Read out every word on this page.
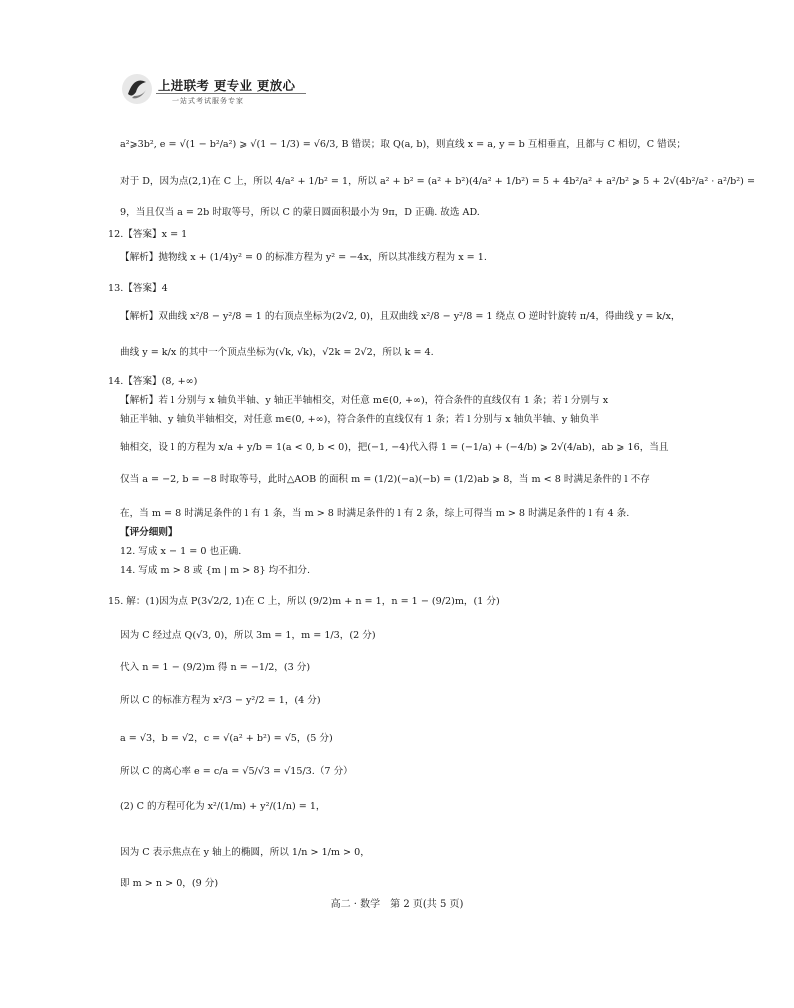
上进联考 更专业 更放心
一站式考试服务专家
a²⩾3b², e = √(1 − b²/a²) ⩾ √(1 − 1/3) = √6/3, B 错误；取 Q(a, b)，则直线 x = a, y = b 互相垂直，且都与 C 相切，C 错误；
对于 D，因为点(2,1)在 C 上，所以 4/a² + 1/b² = 1，所以 a² + b² = (a² + b²)(4/a² + 1/b²) = 5 + 4b²/a² + a²/b² ⩾ 5 + 2√(4b²/a² · a²/b²) =
9，当且仅当 a = 2b 时取等号，所以 C 的蒙日圆面积最小为 9π，D 正确. 故选 AD.
12.【答案】x = 1
【解析】抛物线 x + (1/4)y² = 0 的标准方程为 y² = −4x，所以其准线方程为 x = 1.
13.【答案】4
【解析】双曲线 x²/8 − y²/8 = 1 的右顶点坐标为(2√2, 0)，且双曲线 x²/8 − y²/8 = 1 绕点 O 逆时针旋转 π/4，得曲线 y = k/x，
曲线 y = k/x 的其中一个顶点坐标为(√k, √k)，√2k = 2√2，所以 k = 4.
14.【答案】(8, +∞)
【解析】若 l 分别与 x 轴负半轴、y 轴正半轴相交，对任意 m∈(0, +∞)，符合条件的直线仅有 1 条；若 l 分别与 x
轴正半轴、y 轴负半轴相交，对任意 m∈(0, +∞)，符合条件的直线仅有 1 条；若 l 分别与 x 轴负半轴、y 轴负半
轴相交，设 l 的方程为 x/a + y/b = 1(a < 0, b < 0)，把(−1, −4)代入得 1 = (−1/a) + (−4/b) ⩾ 2√(4/ab)，ab ⩾ 16，当且
仅当 a = −2, b = −8 时取等号，此时△AOB 的面积 m = (1/2)(−a)(−b) = (1/2)ab ⩾ 8，当 m < 8 时满足条件的 l 不存
在，当 m = 8 时满足条件的 l 有 1 条，当 m > 8 时满足条件的 l 有 2 条，综上可得当 m > 8 时满足条件的 l 有 4 条.
【评分细则】
12. 写成 x − 1 = 0 也正确.
14. 写成 m > 8 或 {m | m > 8} 均不扣分.
15. 解：(1)因为点 P(3√2/2, 1)在 C 上，所以 (9/2)m + n = 1，n = 1 − (9/2)m，(1 分)
因为 C 经过点 Q(√3, 0)，所以 3m = 1，m = 1/3，(2 分)
代入 n = 1 − (9/2)m 得 n = −1/2，(3 分)
所以 C 的标准方程为 x²/3 − y²/2 = 1，(4 分)
a = √3，b = √2，c = √(a² + b²) = √5，(5 分)
所以 C 的离心率 e = c/a = √5/√3 = √15/3.（7 分）
(2) C 的方程可化为 x²/(1/m) + y²/(1/n) = 1，
因为 C 表示焦点在 y 轴上的椭圆，所以 1/n > 1/m > 0，
即 m > n > 0，(9 分)
高二 · 数学　第 2 页(共 5 页)
